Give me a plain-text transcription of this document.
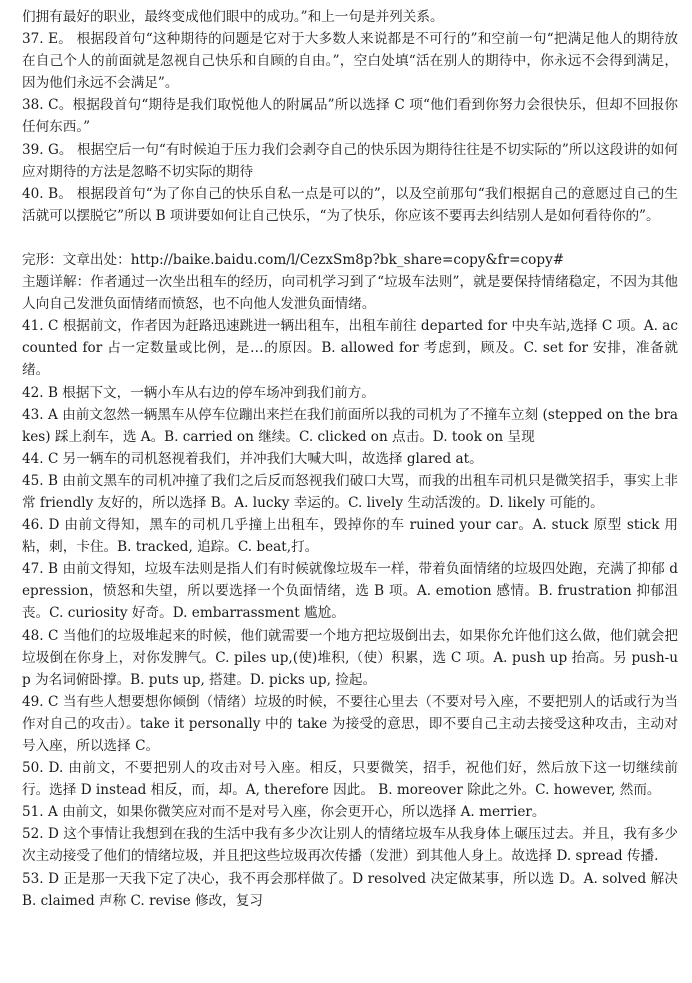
们拥有最好的职业，最终变成他们眼中的成功。”和上一句是并列关系。

37. E。 根据段首句“这种期待的问题是它对于大多数人来说都是不可行的”和空前一句“把满足他人的期待放在自己个人的前面就是忽视自己快乐和自顾的自由。”，空白处填“活在别人的期待中，你永远不会得到满足，因为他们永远不会满足”。

38. C。根据段首句“期待是我们取悦他人的附属品”所以选择 C 项“他们看到你努力会很快乐，但却不回报你任何东西。”

39. G。 根据空后一句“有时候迫于压力我们会剥夺自己的快乐因为期待往往是不切实际的”所以这段讲的如何应对期待的方法是忽略不切实际的期待

40. B。 根据段首句“为了你自己的快乐自私一点是可以的”，以及空前那句“我们根据自己的意愿过自己的生活就可以摆脱它”所以 B 项讲要如何让自己快乐，“为了快乐，你应该不要再去纠结别人是如何看待你的”。

完形：文章出处：http://baike.baidu.com/l/CezxSm8p?bk_share=copy&fr=copy#

主题详解：作者通过一次坐出租车的经历，向司机学习到了“垃圾车法则”，就是要保持情绪稳定，不因为其他人向自己发泄负面情绪而愤怒，也不向他人发泄负面情绪。

41. C 根据前文，作者因为赶路迅速跳进一辆出租车，出租车前往 departed for 中央车站,选择 C 项。A. accounted for 占一定数量或比例，是…的原因。B. allowed for 考虑到，顾及。C. set for 安排，准备就绪。

42. B 根据下文，一辆小车从右边的停车场冲到我们前方。

43. A 由前文忽然一辆黑车从停车位蹦出来拦在我们前面所以我的司机为了不撞车立刻 (stepped on the brakes) 踩上刹车，选 A。B. carried on 继续。C. clicked on 点击。D. took on 呈现

44. C 另一辆车的司机怒视着我们，并冲我们大喊大叫，故选择 glared at。

45. B 由前文黑车的司机冲撞了我们之后反而怒视我们破口大骂，而我的出租车司机只是微笑招手，事实上非常 friendly 友好的，所以选择 B。A. lucky 幸运的。C. lively 生动活泼的。D. likely 可能的。

46. D 由前文得知，黑车的司机几乎撞上出租车，毁掉你的车 ruined your car。A. stuck 原型 stick 用粘，刺，卡住。B. tracked, 追踪。C. beat,打。

47. B 由前文得知，垃圾车法则是指人们有时候就像垃圾车一样，带着负面情绪的垃圾四处跑，充满了抑郁 depression，愤怒和失望，所以要选择一个负面情绪，选 B 项。A. emotion 感情。B. frustration 抑郁沮丧。C. curiosity 好奇。D. embarrassment 尴尬。

48. C 当他们的垃圾堆起来的时候，他们就需要一个地方把垃圾倒出去，如果你允许他们这么做，他们就会把垃圾倒在你身上，对你发脾气。C. piles up,(使)堆积,（使）积累，选 C 项。A. push up 抬高。另 push-up 为名词俯卧撑。B. puts up, 搭建。D. picks up, 捡起。

49. C 当有些人想要想你倾倒（情绪）垃圾的时候，不要往心里去（不要对号入座，不要把别人的话或行为当作对自己的攻击）。take it personally 中的 take 为接受的意思，即不要自己主动去接受这种攻击，主动对号入座，所以选择 C。

50. D. 由前文，不要把别人的攻击对号入座。相反，只要微笑，招手，祝他们好，然后放下这一切继续前行。选择 D instead 相反，而，却。A, therefore 因此。 B. moreover 除此之外。C. however, 然而。

51. A 由前文，如果你微笑应对而不是对号入座，你会更开心，所以选择 A. merrier。

52. D 这个事情让我想到在我的生活中我有多少次让别人的情绪垃圾车从我身体上碾压过去。并且，我有多少次主动接受了他们的情绪垃圾，并且把这些垃圾再次传播（发泄）到其他人身上。故选择 D. spread 传播.

53. D 正是那一天我下定了决心，我不再会那样做了。D resolved 决定做某事，所以选 D。A. solved 解决 B. claimed 声称 C. revise 修改，复习
